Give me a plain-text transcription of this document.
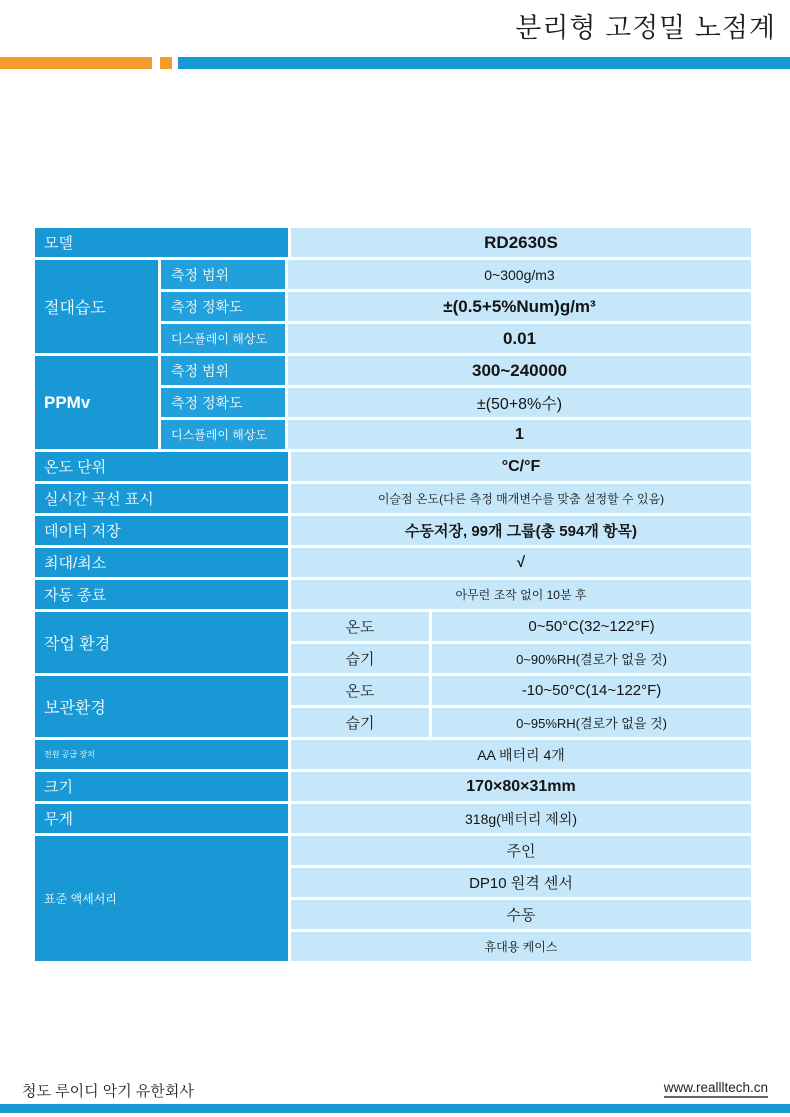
분리형 고정밀 노점계
모델	RD2630S
절대습도
측정 범위	0~300g/m3
측정 정확도	±(0.5+5%Num)g/m³
디스플레이 해상도	0.01
PPMv
측정 범위	300~240000
측정 정확도	±(50+8%수)
디스플레이 해상도	1
온도 단위	°C/°F
실시간 곡선 표시	이슬점 온도(다른 측정 매개변수를 맞춤 설정할 수 있음)
데이터 저장	수동저장, 99개 그룹(총 594개 항목)
최대/최소	√
자동 종료	아무런 조작 없이 10분 후
작업 환경
온도	0~50°C(32~122°F)
습기	0~90%RH(결로가 없을 것)
보관환경
온도	-10~50°C(14~122°F)
습기	0~95%RH(결로가 없을 것)
전원 공급 장치	AA 배터리 4개
크기	170×80×31mm
무게	318g(배터리 제외)
표준 액세서리
주인
DP10 원격 센서
수동
휴대용 케이스
청도 루이디 악기 유한회사	www.reallltech.cn
